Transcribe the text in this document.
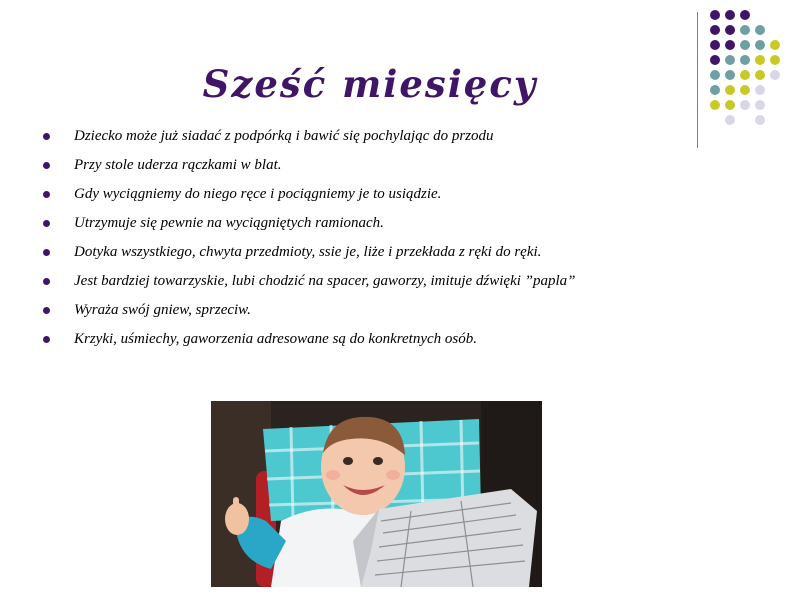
Sześć miesięcy
Dziecko może już siadać z podpórką i bawić się pochylając do przodu
Przy stole uderza rączkami w blat.
Gdy wyciągniemy do niego ręce i pociągniemy je to usiądzie.
Utrzymuje się pewnie na wyciągniętych ramionach.
Dotyka wszystkiego, chwyta przedmioty, ssie je, liże i przekłada z ręki do ręki.
Jest bardziej towarzyskie, lubi chodzić na spacer, gaworzy, imituje dźwięki ”papla”
Wyraża swój gniew, sprzeciw.
Krzyki, uśmiechy, gaworzenia adresowane są do konkretnych osób.
